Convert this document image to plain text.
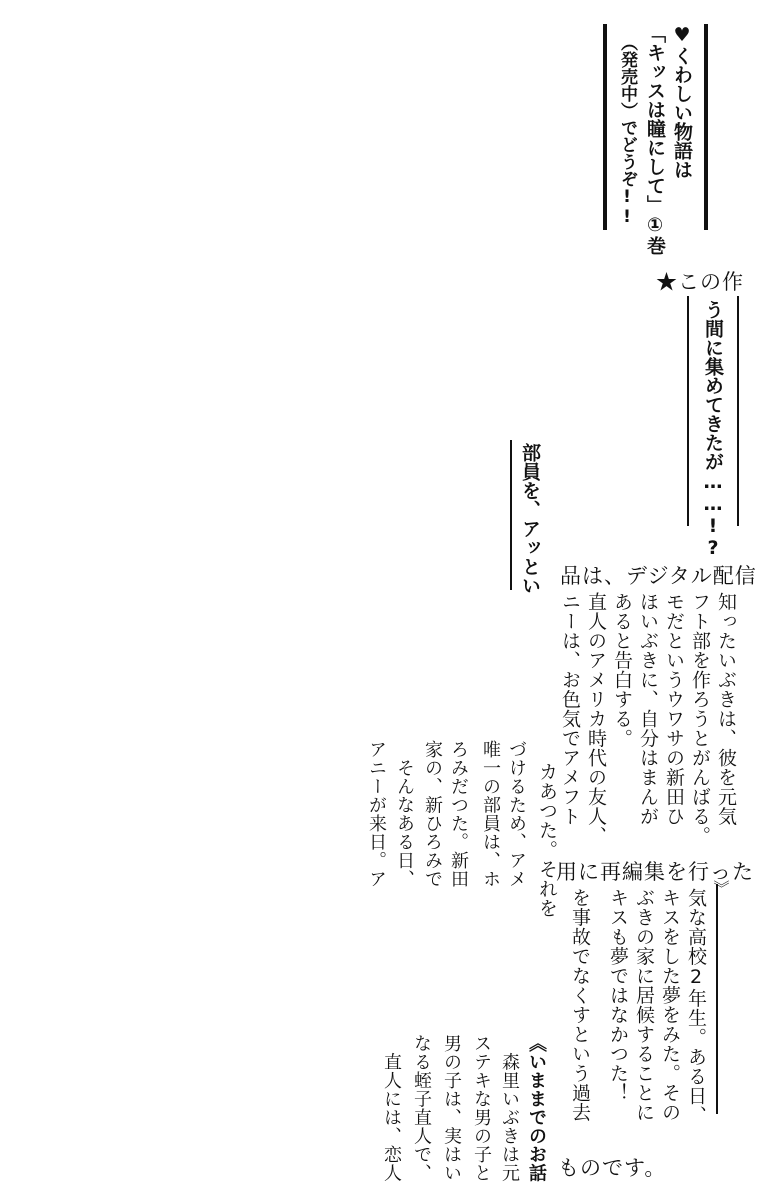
♥くわしい物語は
「キッスは瞳にして」①巻
（発売中）でどうぞ!!
う間に集めてきたが……!?

部員を、アッとい
★この作
品は、デジタル配信
用に再編集を行った
ものです。
知ったいぶきは、彼を元気
フト部を作ろうとがんばる。
モだというウワサの新田ひ
ほいぶきに、自分はまんが
あると告白する。
直人のアメリカ時代の友人、
ニーは、お色気でアメフト
カあつた。それを
づけるため、アメ
唯一の部員は、ホ
ろみだつた。新田
家の、新ひろみで
　そんなある日、
アニーが来日。ア
気な高校2年生。ある日、
キスをした夢をみた。その
ぶきの家に居候することに
キスも夢ではなかつた！
を事故でなくすという過去	︾
《いままでのお話
　森里いぶきは元
ステキな男の子と
男の子は、実はい
なる蛭子直人で、
　直人には、恋人
